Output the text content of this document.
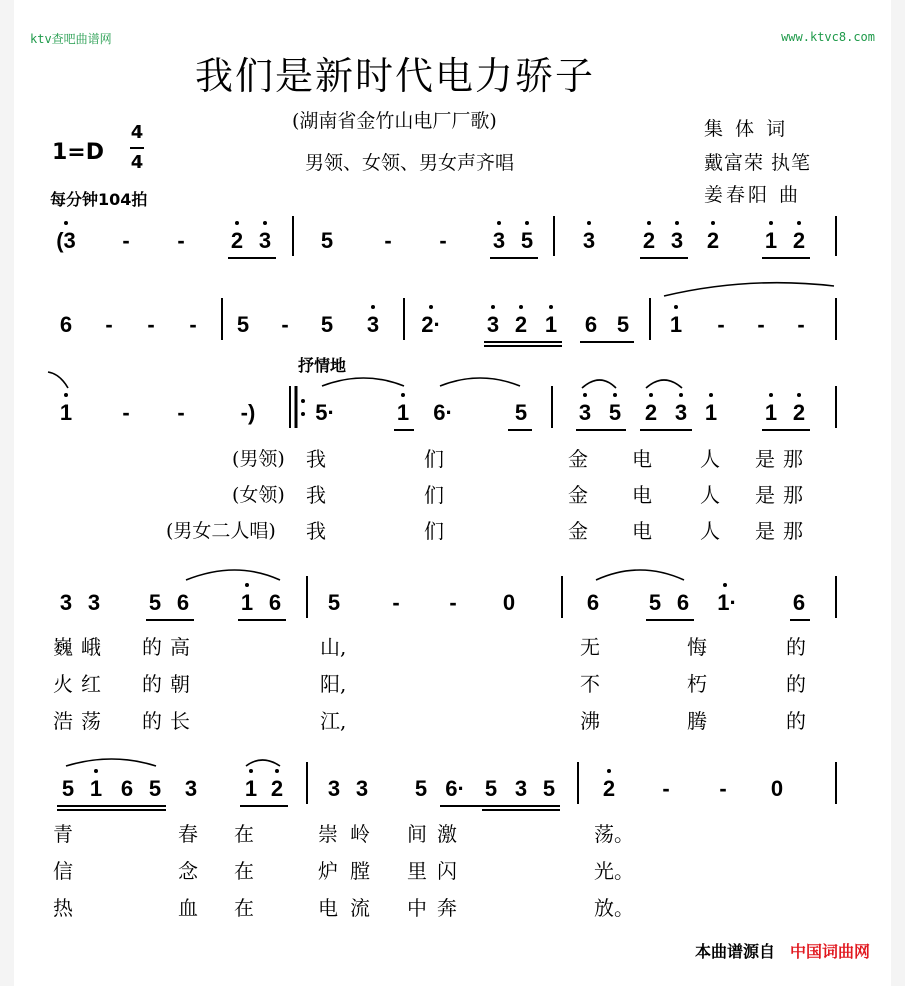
ktv查吧曲谱网	www.ktvc8.com
我们是新时代电力骄子
(湖南省金竹山电厂厂歌)
男领、女领、男女声齐唱
集 体 词
戴富荣 执笔
姜春阳 曲
1=D
4
4
每分钟104拍
抒情地
(3	-	-	2 3 5	-	-	3 5 3 2 3 2 1 2
6	-	-	-	5	-	5 3 2· 3 2 1 6 5 1	-	-	-
1	-	-	-)	5·	1 6·	5 3 5 2 3 1 1 2
(男领)
(女领)
(男女二人唱)
我	们	金 电 人 是 那
我	们	金 电 人 是 那
我	们	金 电 人 是 那
3 3 5 6 1 6 5	-	-	0	6 5 6 1·	6
巍 峨 的 高	山,	无	悔	的
火 红 的 朝	阳,	不	朽	的
浩 荡 的 长	江,	沸	腾	的
5 1 6 5 3 1 2 3 3 5 6· 5 3 5 2	-	-	0
青	春 在	崇 岭 间 激	荡。
信	念 在	炉 膛 里 闪	光。
热	血 在	电 流 中 奔	放。
本曲谱源自 中国词曲网
